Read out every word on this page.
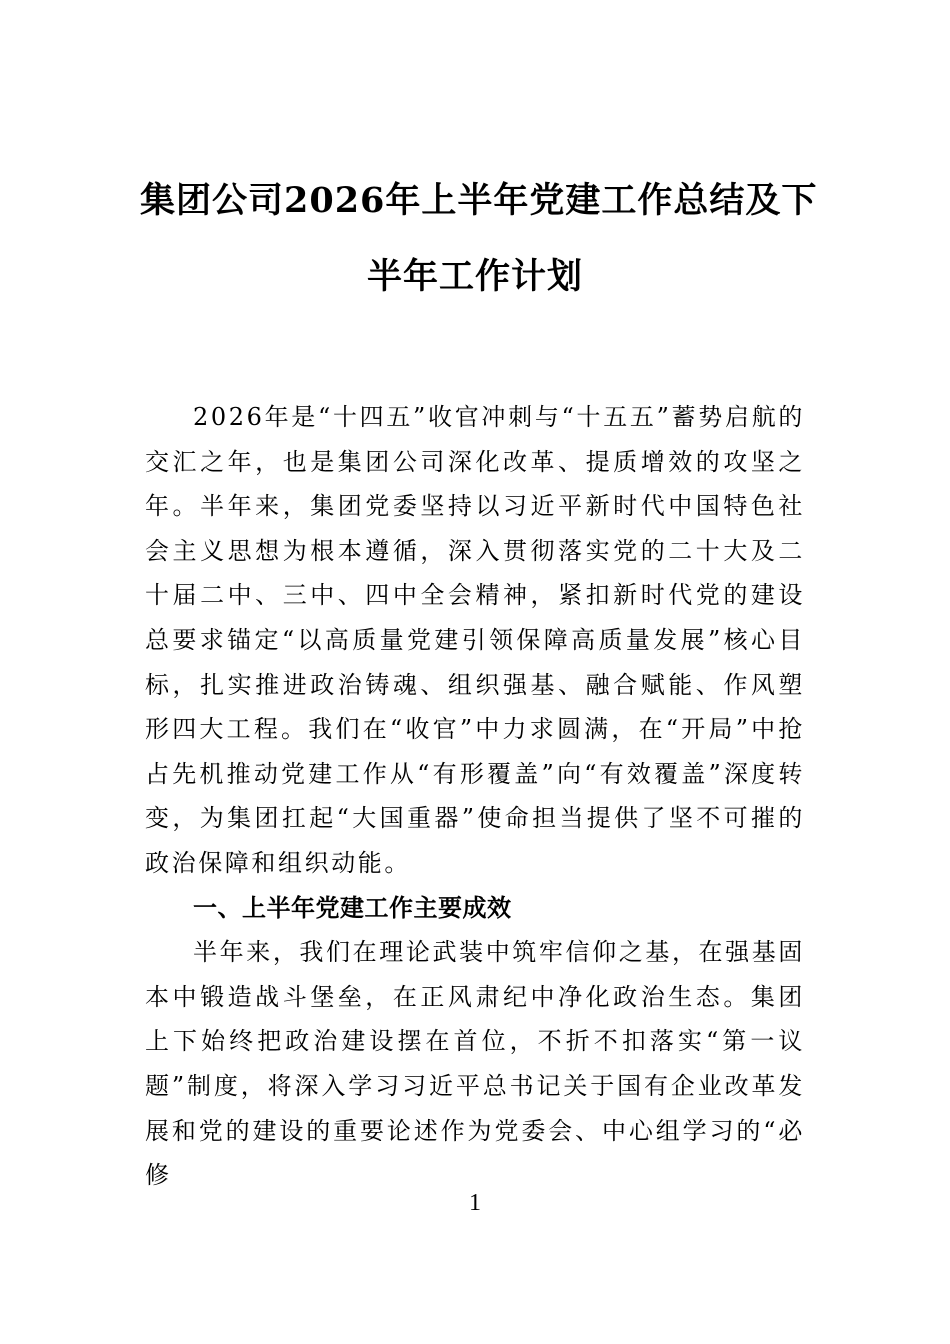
集团公司2026年上半年党建工作总结及下
半年工作计划

2026年是“十四五”收官冲刺与“十五五”蓄势启航的交汇之年，也是集团公司深化改革、提质增效的攻坚之年。半年来，集团党委坚持以习近平新时代中国特色社会主义思想为根本遵循，深入贯彻落实党的二十大及二十届二中、三中、四中全会精神，紧扣新时代党的建设总要求锚定“以高质量党建引领保障高质量发展”核心目标，扎实推进政治铸魂、组织强基、融合赋能、作风塑形四大工程。我们在“收官”中力求圆满，在“开局”中抢占先机推动党建工作从“有形覆盖”向“有效覆盖”深度转变，为集团扛起“大国重器”使命担当提供了坚不可摧的政治保障和组织动能。

一、上半年党建工作主要成效

半年来，我们在理论武装中筑牢信仰之基，在强基固本中锻造战斗堡垒，在正风肃纪中净化政治生态。集团上下始终把政治建设摆在首位，不折不扣落实“第一议题”制度，将深入学习习近平总书记关于国有企业改革发展和党的建设的重要论述作为党委会、中心组学习的“必修

1
